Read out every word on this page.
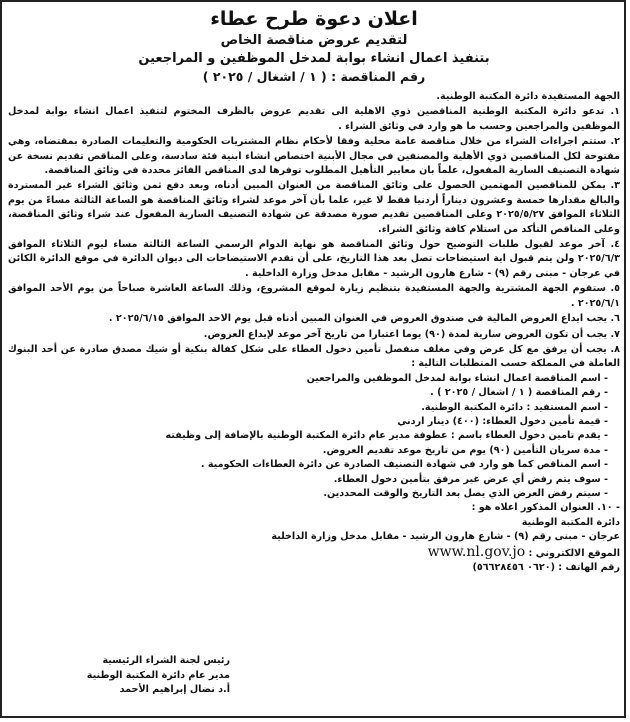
اعلان دعوة طرح عطاء
لتقديم عروض مناقصة الخاص
بتنفيذ اعمال انشاء بوابة لمدخل الموظفين و المراجعين
رقم المناقصة : ( ١ / اشغال / ٢٠٢٥ )

الجهة المستفيدة دائرة المكتبة الوطنية.

١. تدعو دائرة المكتبة الوطنية المناقصين ذوي الاهلية الى تقديم عروض بالظرف المختوم لتنفيذ اعمال انشاء بوابة لمدخل الموظفين والمراجعين وحسب ما هو وارد في وثائق الشراء .

٢. ستتم اجراءات الشراء من خلال مناقصة عامة محلية وفقا لأحكام نظام المشتريات الحكومية والتعليمات الصادرة بمقتضاه، وهي مفتوحة لكل المناقصين ذوي الأهلية والمصنفين في مجال الأبنية اختصاص انشاء ابنية فئة سادسة، وعلى المناقص تقديم نسخة عن شهادة التصنيف السارية المفعول، علماً بان معايير التأهيل المطلوب توفرها لدى المناقص الفائز محددة في وثائق المناقصة.

٣. يمكن للمناقصين المهتمين الحصول على وثائق المناقصة من العنوان المبين أدناه، وبعد دفع ثمن وثائق الشراء غير المستردة والبالغ مقدارها خمسة وعشرون ديناراً أردنيا فقط لا غير، علما بأن آخر موعد لشراء وثائق المناقصة هو الساعة الثالثة مساءً من يوم الثلاثاء الموافق ٢٠٢٥/٥/٢٧ وعلى المناقصين تقديم صورة مصدقة عن شهادة التصنيف السارية المفعول عند شراء وثائق المناقصة، وعلى المناقص التأكد من استلام كافة وثائق الشراء.

٤. آخر موعد لقبول طلبات التوضيح حول وثائق المناقصة هو نهاية الدوام الرسمي الساعة الثالثة مساء ليوم الثلاثاء الموافق ٢٠٢٥/٦/٣ ولن يتم قبول اية استيضاحات تصل بعد هذا التاريخ، على أن تقدم الاستيضاحات الى ديوان الدائرة في موقع الدائرة الكائن في عرجان - مبنى رقم (٩) - شارع هارون الرشيد - مقابل مدخل وزارة الداخلية .

٥. ستقوم الجهة المشترية والجهة المستفيدة بتنظيم زيارة لموقع المشروع، وذلك الساعة العاشرة صباحاً من يوم الأحد الموافق ٢٠٢٥/٦/١ .

٦. يجب ايداع العروض المالية في صندوق العروض في العنوان المبين أدناه قبل يوم الاحد الموافق ٢٠٢٥/٦/١٥ .

٧. يجب أن تكون العروض سارية لمدة (٩٠) يوما اعتبارا من تاريخ آخر موعد لإيداع العروض.

٨. يجب أن يرفق مع كل عرض وفي مغلف منفصل تأمين دخول العطاء على شكل كفالة بنكية أو شيك مصدق صادرة عن أحد البنوك العاملة في المملكة حسب المتطلبات التالية :

- اسم المناقصة اعمال انشاء بوابة لمدخل الموظفين والمراجعين
- رقم المناقصة ( ١ / اشغال / ٢٠٢٥ ) .
- اسم المستفيد : دائرة المكتبة الوطنية.
- قيمة تأمين دخول العطاء: (٤٠٠) دينار اردني
- يقدم تامين دخول العطاء باسم : عطوفة مدير عام دائرة المكتبة الوطنية بالإضافة إلى وظيفته
- مدة سريان التأمين (٩٠) يوم من تاريخ موعد تقديم العروض.
- اسم المناقص كما هو وارد في شهادة التصنيف الصادرة عن دائرة العطاءات الحكومية .
- سوف يتم رفض أي عرض غير مرفق بتأمين دخول العطاء.
- سيتم رفض العرض الذي يصل بعد التاريخ والوقت المحددين.

- ١٠. العنوان المذكور اعلاه هو :

دائرة المكتبة الوطنية

عرجان - مبنى رقم (٩) - شارع هارون الرشيد - مقابل مدخل وزارة الداخلية

الموقع الالكتروني : www.nl.gov.jo

رقم الهاتف : (٠٦٢٠ ٥٦٦٢٨٤٥٦)

رئيس لجنة الشراء الرئيسية
مدير عام دائرة المكتبة الوطنية
أ.د نضال إبراهيم الأحمد
